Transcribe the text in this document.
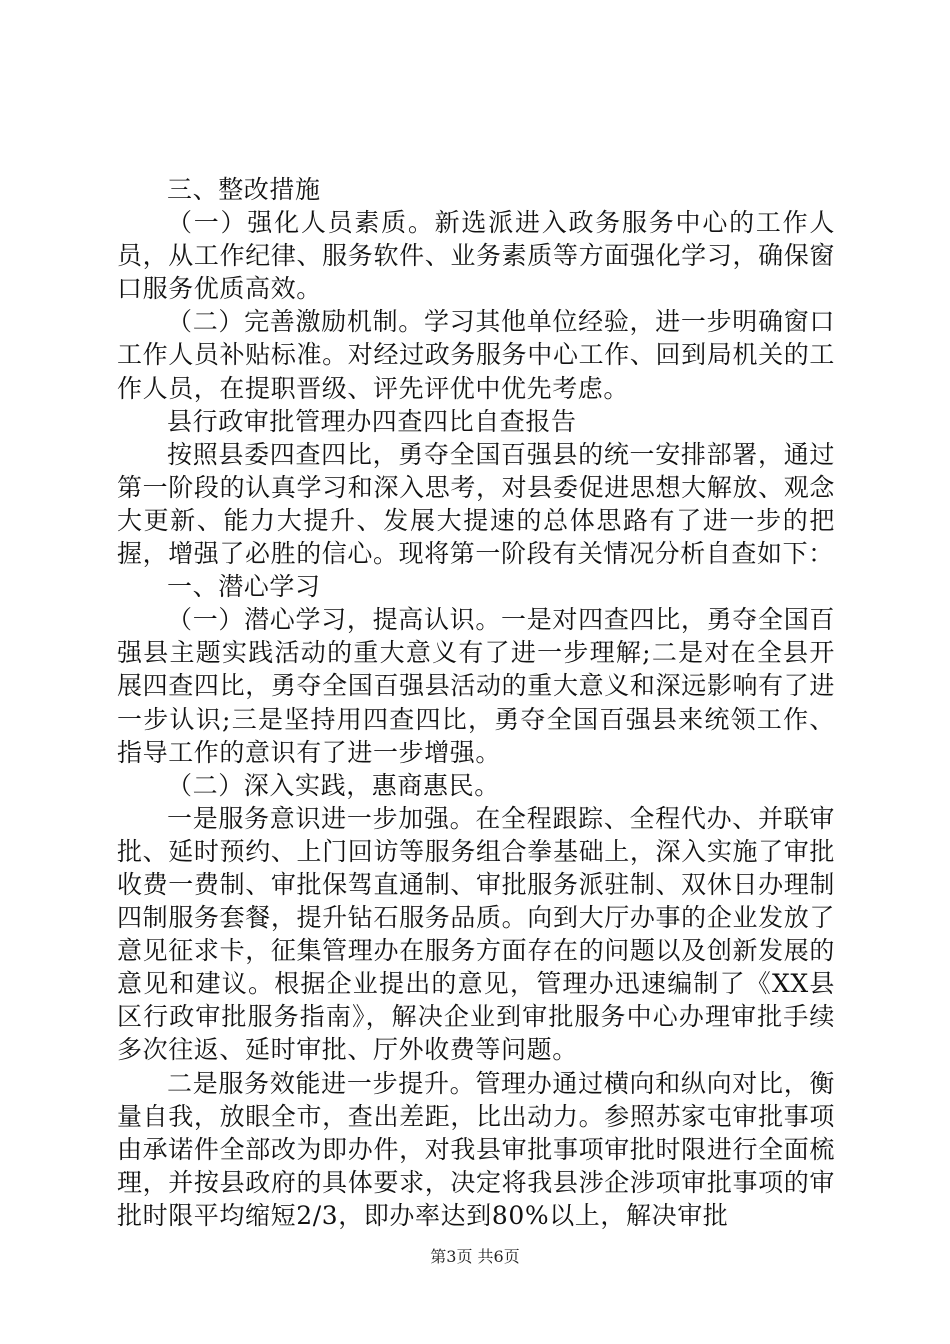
三、整改措施

（一）强化人员素质。新选派进入政务服务中心的工作人员，从工作纪律、服务软件、业务素质等方面强化学习，确保窗口服务优质高效。

（二）完善激励机制。学习其他单位经验，进一步明确窗口工作人员补贴标准。对经过政务服务中心工作、回到局机关的工作人员，在提职晋级、评先评优中优先考虑。

县行政审批管理办四查四比自查报告

按照县委四查四比，勇夺全国百强县的统一安排部署，通过第一阶段的认真学习和深入思考，对县委促进思想大解放、观念大更新、能力大提升、发展大提速的总体思路有了进一步的把握，增强了必胜的信心。现将第一阶段有关情况分析自查如下：

一、潜心学习

（一）潜心学习，提高认识。一是对四查四比，勇夺全国百强县主题实践活动的重大意义有了进一步理解;二是对在全县开展四查四比，勇夺全国百强县活动的重大意义和深远影响有了进一步认识;三是坚持用四查四比，勇夺全国百强县来统领工作、指导工作的意识有了进一步增强。

（二）深入实践，惠商惠民。

一是服务意识进一步加强。在全程跟踪、全程代办、并联审批、延时预约、上门回访等服务组合拳基础上，深入实施了审批收费一费制、审批保驾直通制、审批服务派驻制、双休日办理制四制服务套餐，提升钻石服务品质。向到大厅办事的企业发放了意见征求卡，征集管理办在服务方面存在的问题以及创新发展的意见和建议。根据企业提出的意见，管理办迅速编制了《XX县区行政审批服务指南》，解决企业到审批服务中心办理审批手续多次往返、延时审批、厅外收费等问题。

二是服务效能进一步提升。管理办通过横向和纵向对比，衡量自我，放眼全市，查出差距，比出动力。参照苏家屯审批事项由承诺件全部改为即办件，对我县审批事项审批时限进行全面梳理，并按县政府的具体要求，决定将我县涉企涉项审批事项的审批时限平均缩短2/3，即办率达到80%以上，解决审批

第3页 共6页
